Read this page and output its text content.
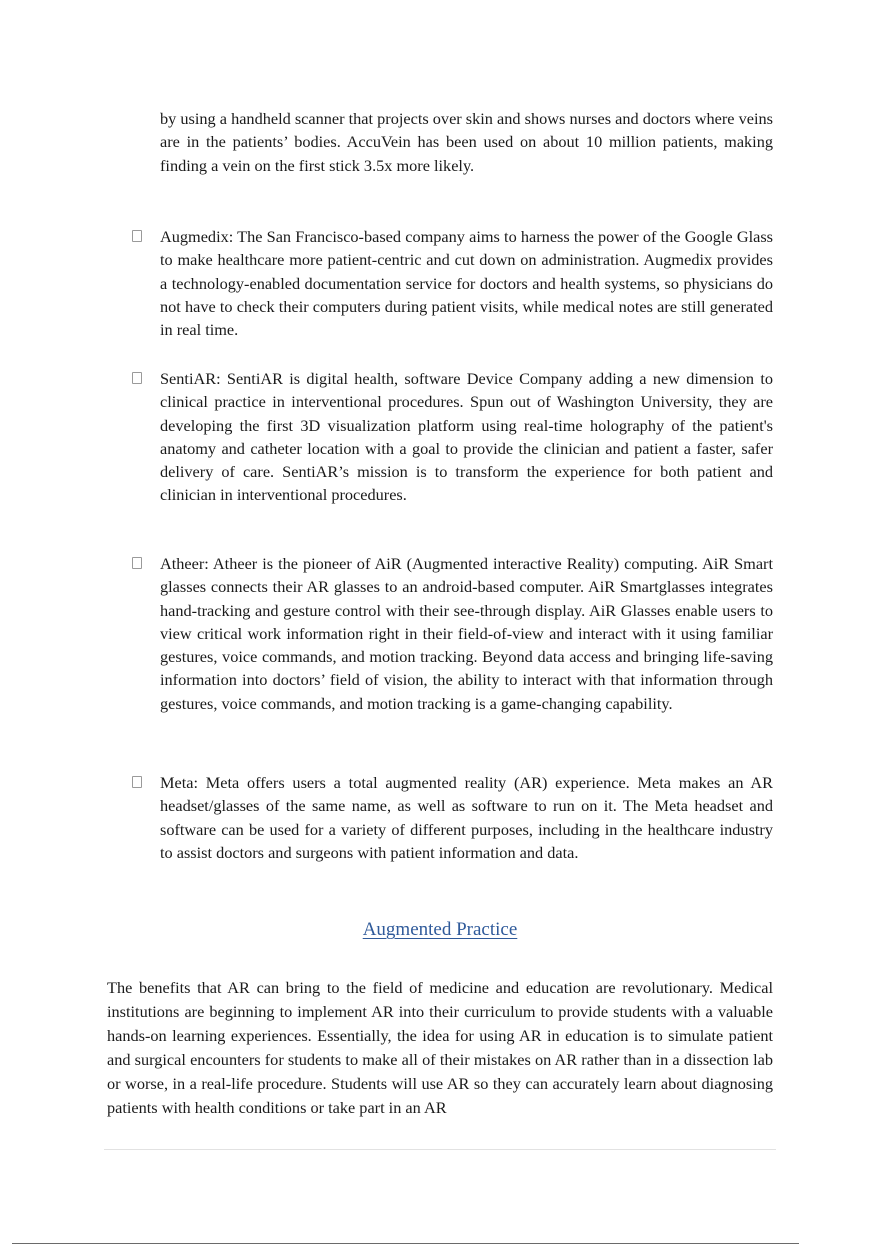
by using a handheld scanner that projects over skin and shows nurses and doctors where veins are in the patients’ bodies. AccuVein has been used on about 10 million patients, making finding a vein on the first stick 3.5x more likely.

Augmedix: The San Francisco-based company aims to harness the power of the Google Glass to make healthcare more patient-centric and cut down on administration. Augmedix provides a technology-enabled documentation service for doctors and health systems, so physicians do not have to check their computers during patient visits, while medical notes are still generated in real time.

SentiAR: SentiAR is digital health, software Device Company adding a new dimension to clinical practice in interventional procedures. Spun out of Washington University, they are developing the first 3D visualization platform using real-time holography of the patient's anatomy and catheter location with a goal to provide the clinician and patient a faster, safer delivery of care. SentiAR’s mission is to transform the experience for both patient and clinician in interventional procedures.

Atheer: Atheer is the pioneer of AiR (Augmented interactive Reality) computing. AiR Smart glasses connects their AR glasses to an android-based computer. AiR Smartglasses integrates hand-tracking and gesture control with their see-through display. AiR Glasses enable users to view critical work information right in their field-of-view and interact with it using familiar gestures, voice commands, and motion tracking. Beyond data access and bringing life-saving information into doctors’ field of vision, the ability to interact with that information through gestures, voice commands, and motion tracking is a game-changing capability.

Meta: Meta offers users a total augmented reality (AR) experience. Meta makes an AR headset/glasses of the same name, as well as software to run on it. The Meta headset and software can be used for a variety of different purposes, including in the healthcare industry to assist doctors and surgeons with patient information and data.

Augmented Practice

The benefits that AR can bring to the field of medicine and education are revolutionary. Medical institutions are beginning to implement AR into their curriculum to provide students with a valuable hands-on learning experiences. Essentially, the idea for using AR in education is to simulate patient and surgical encounters for students to make all of their mistakes on AR rather than in a dissection lab or worse, in a real-life procedure. Students will use AR so they can accurately learn about diagnosing patients with health conditions or take part in an AR
